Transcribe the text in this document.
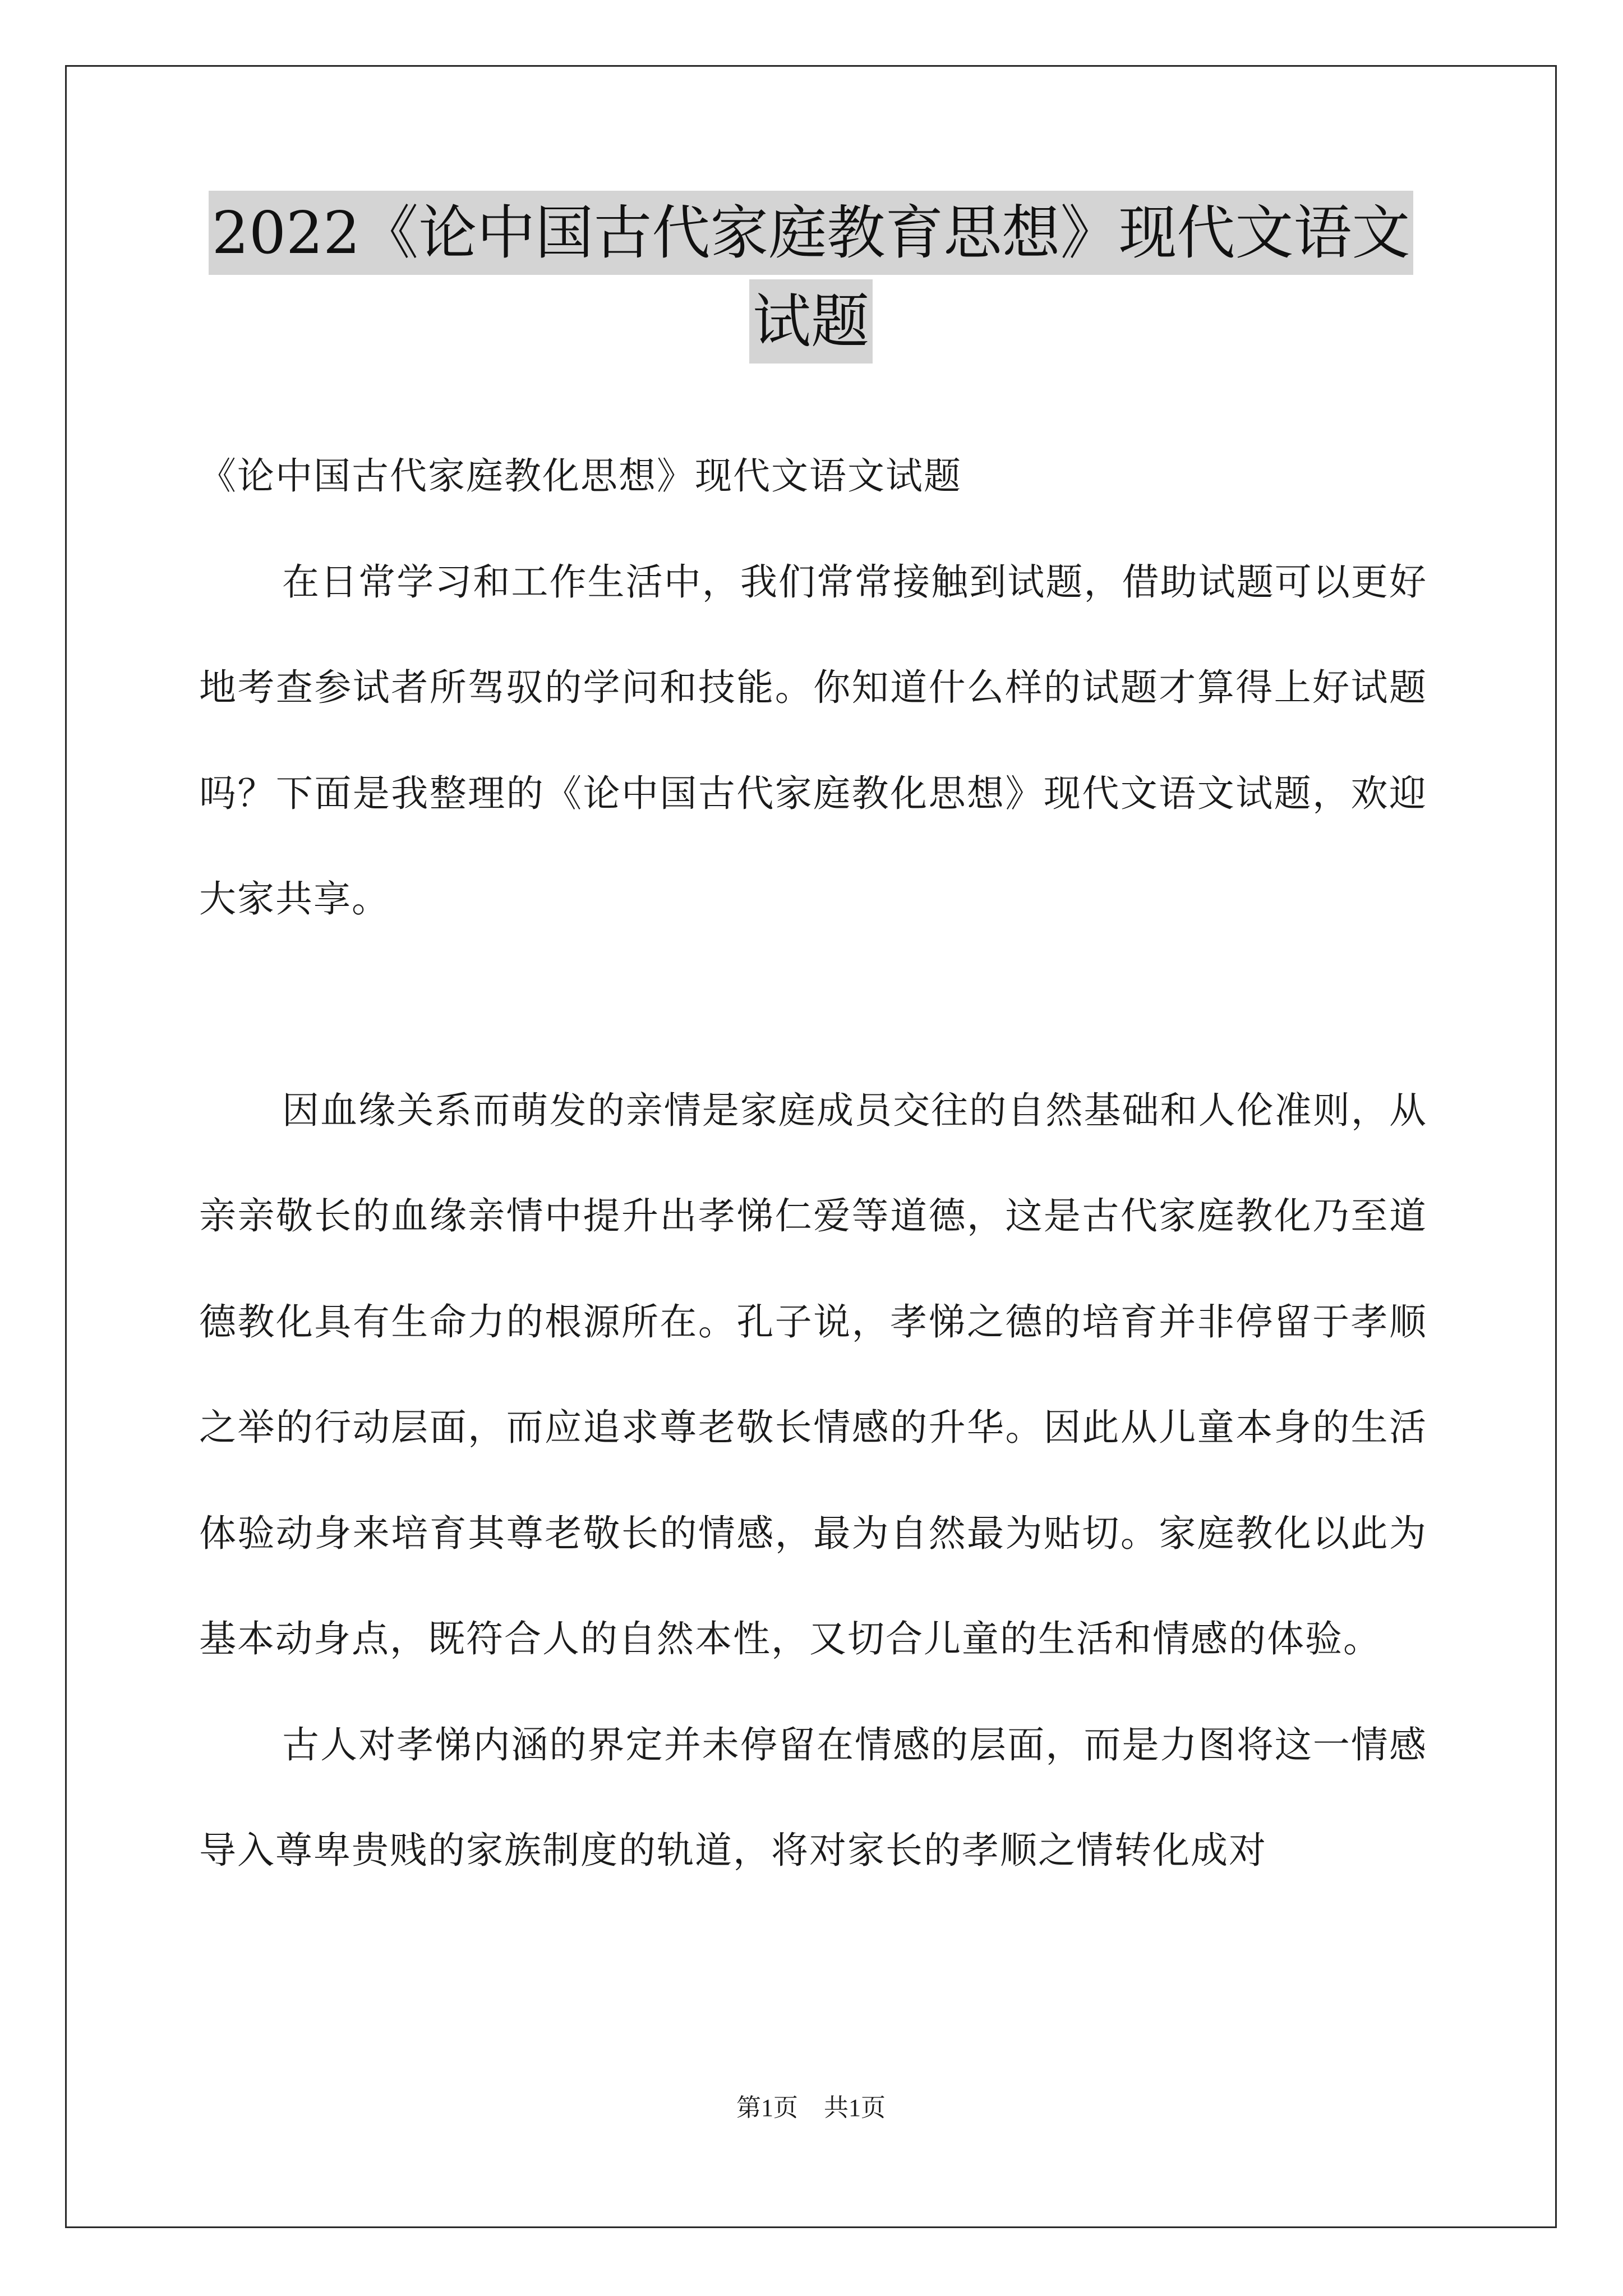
2022《论中国古代家庭教育思想》现代文语文
试题

《论中国古代家庭教化思想》现代文语文试题

在日常学习和工作生活中，我们常常接触到试题，借助试题可以更好地考查参试者所驾驭的学问和技能。你知道什么样的试题才算得上好试题吗？下面是我整理的《论中国古代家庭教化思想》现代文语文试题，欢迎大家共享。

因血缘关系而萌发的亲情是家庭成员交往的自然基础和人伦准则，从亲亲敬长的血缘亲情中提升出孝悌仁爱等道德，这是古代家庭教化乃至道德教化具有生命力的根源所在。孔子说，孝悌之德的培育并非停留于孝顺之举的行动层面，而应追求尊老敬长情感的升华。因此从儿童本身的生活体验动身来培育其尊老敬长的情感，最为自然最为贴切。家庭教化以此为基本动身点，既符合人的自然本性，又切合儿童的生活和情感的体验。

古人对孝悌内涵的界定并未停留在情感的层面，而是力图将这一情感导入尊卑贵贱的家族制度的轨道，将对家长的孝顺之情转化成对

第1页 共1页
